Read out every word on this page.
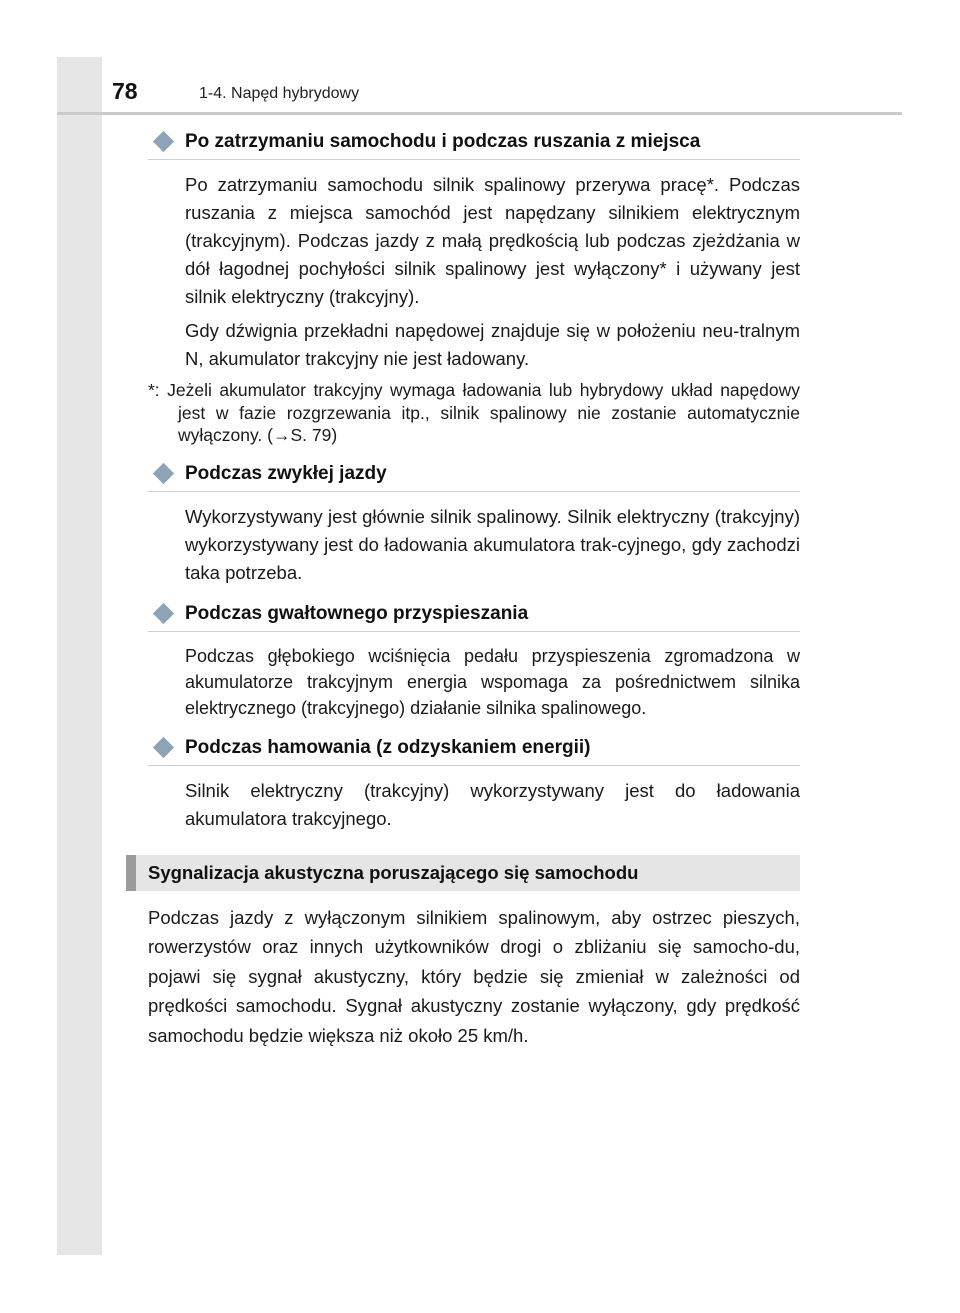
78	1-4. Napęd hybrydowy
Po zatrzymaniu samochodu i podczas ruszania z miejsca

Po zatrzymaniu samochodu silnik spalinowy przerywa pracę*. Podczas ruszania z miejsca samochód jest napędzany silnikiem elektrycznym (trakcyjnym). Podczas jazdy z małą prędkością lub podczas zjeżdżania w dół łagodnej pochyłości silnik spalinowy jest wyłączony* i używany jest silnik elektryczny (trakcyjny).

Gdy dźwignia przekładni napędowej znajduje się w położeniu neu-tralnym N, akumulator trakcyjny nie jest ładowany.

*: Jeżeli akumulator trakcyjny wymaga ładowania lub hybrydowy układ napędowy jest w fazie rozgrzewania itp., silnik spalinowy nie zostanie automatycznie wyłączony. (→S. 79)

Podczas zwykłej jazdy

Wykorzystywany jest głównie silnik spalinowy. Silnik elektryczny (trakcyjny) wykorzystywany jest do ładowania akumulatora trak-cyjnego, gdy zachodzi taka potrzeba.

Podczas gwałtownego przyspieszania

Podczas głębokiego wciśnięcia pedału przyspieszenia zgromadzona w akumulatorze trakcyjnym energia wspomaga za pośrednictwem silnika elektrycznego (trakcyjnego) działanie silnika spalinowego.

Podczas hamowania (z odzyskaniem energii)

Silnik elektryczny (trakcyjny) wykorzystywany jest do ładowania akumulatora trakcyjnego.

Sygnalizacja akustyczna poruszającego się samochodu

Podczas jazdy z wyłączonym silnikiem spalinowym, aby ostrzec pieszych, rowerzystów oraz innych użytkowników drogi o zbliżaniu się samocho-du, pojawi się sygnał akustyczny, który będzie się zmieniał w zależności od prędkości samochodu. Sygnał akustyczny zostanie wyłączony, gdy prędkość samochodu będzie większa niż około 25 km/h.
